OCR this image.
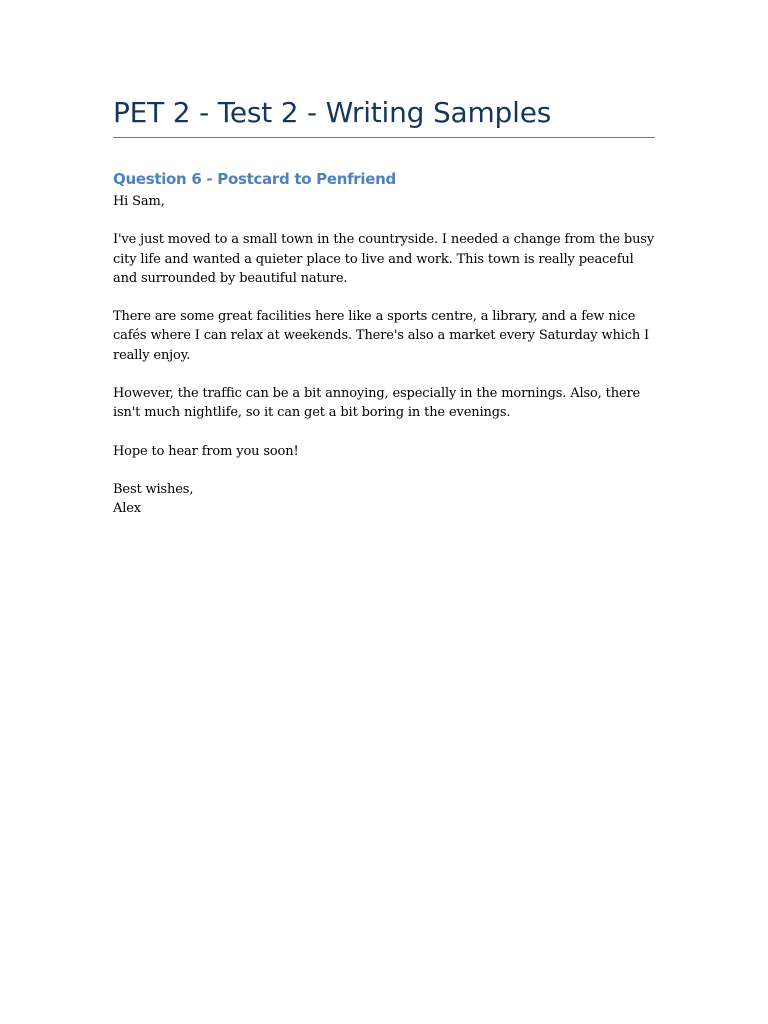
PET 2 - Test 2 - Writing Samples
Question 6 - Postcard to Penfriend

Hi Sam,

I've just moved to a small town in the countryside. I needed a change from the busy city life and wanted a quieter place to live and work. This town is really peaceful and surrounded by beautiful nature.

There are some great facilities here like a sports centre, a library, and a few nice cafés where I can relax at weekends. There's also a market every Saturday which I really enjoy.

However, the traffic can be a bit annoying, especially in the mornings. Also, there isn't much nightlife, so it can get a bit boring in the evenings.

Hope to hear from you soon!

Best wishes,

Alex
